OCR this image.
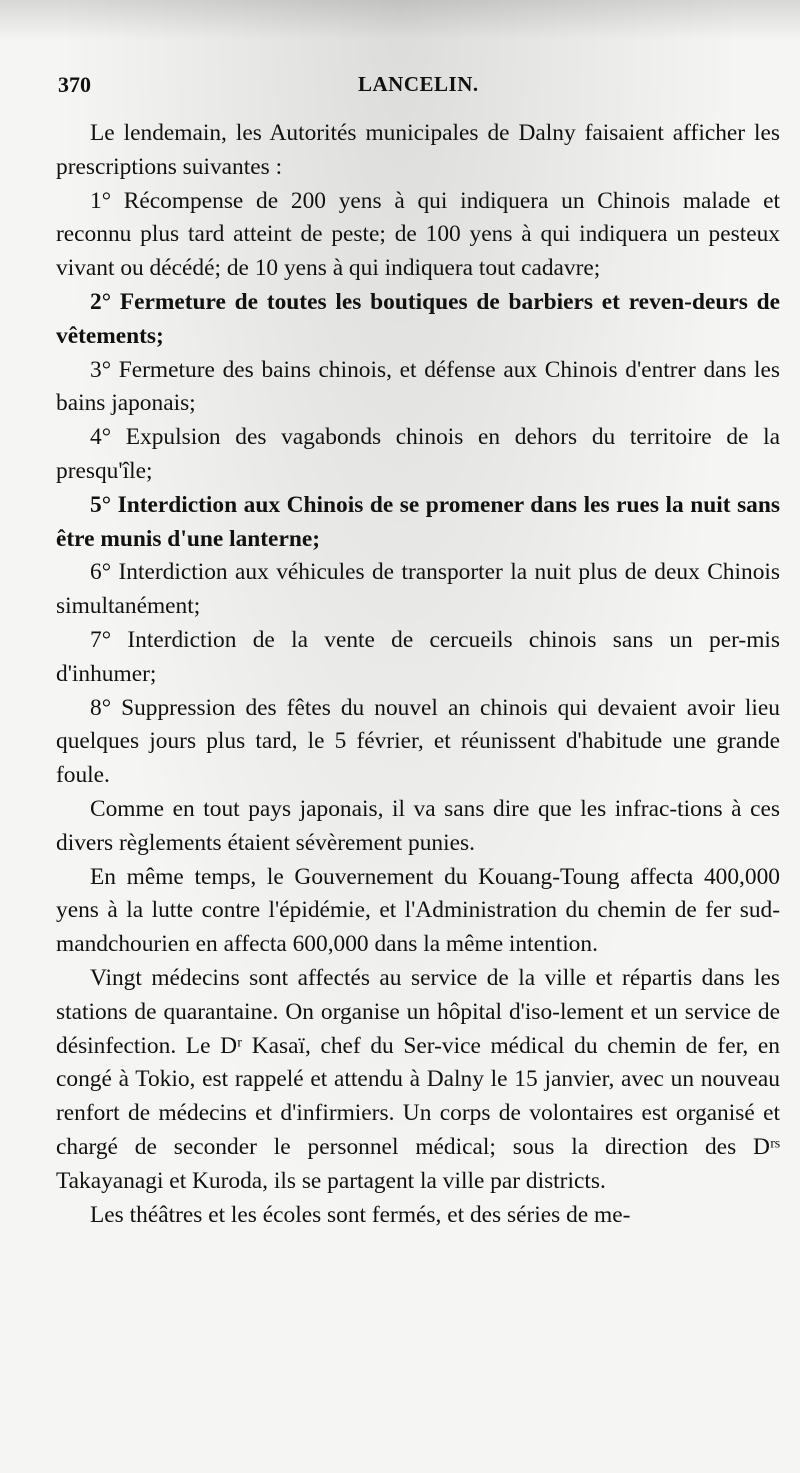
370	LANCELIN.

Le lendemain, les Autorités municipales de Dalny faisaient afficher les prescriptions suivantes :

1° Récompense de 200 yens à qui indiquera un Chinois malade et reconnu plus tard atteint de peste; de 100 yens à qui indiquera un pesteux vivant ou décédé; de 10 yens à qui indiquera tout cadavre;

2° Fermeture de toutes les boutiques de barbiers et reven-deurs de vêtements;

3° Fermeture des bains chinois, et défense aux Chinois d'entrer dans les bains japonais;

4° Expulsion des vagabonds chinois en dehors du territoire de la presqu'île;

5° Interdiction aux Chinois de se promener dans les rues la nuit sans être munis d'une lanterne;

6° Interdiction aux véhicules de transporter la nuit plus de deux Chinois simultanément;

7° Interdiction de la vente de cercueils chinois sans un per-mis d'inhumer;

8° Suppression des fêtes du nouvel an chinois qui devaient avoir lieu quelques jours plus tard, le 5 février, et réunissent d'habitude une grande foule.

Comme en tout pays japonais, il va sans dire que les infrac-tions à ces divers règlements étaient sévèrement punies.

En même temps, le Gouvernement du Kouang-Toung affecta 400,000 yens à la lutte contre l'épidémie, et l'Administration du chemin de fer sud-mandchourien en affecta 600,000 dans la même intention.

Vingt médecins sont affectés au service de la ville et répartis dans les stations de quarantaine. On organise un hôpital d'iso-lement et un service de désinfection. Le Dʳ Kasaï, chef du Ser-vice médical du chemin de fer, en congé à Tokio, est rappelé et attendu à Dalny le 15 janvier, avec un nouveau renfort de médecins et d'infirmiers. Un corps de volontaires est organisé et chargé de seconder le personnel médical; sous la direction des Dʳˢ Takayanagi et Kuroda, ils se partagent la ville par districts.

Les théâtres et les écoles sont fermés, et des séries de me-
